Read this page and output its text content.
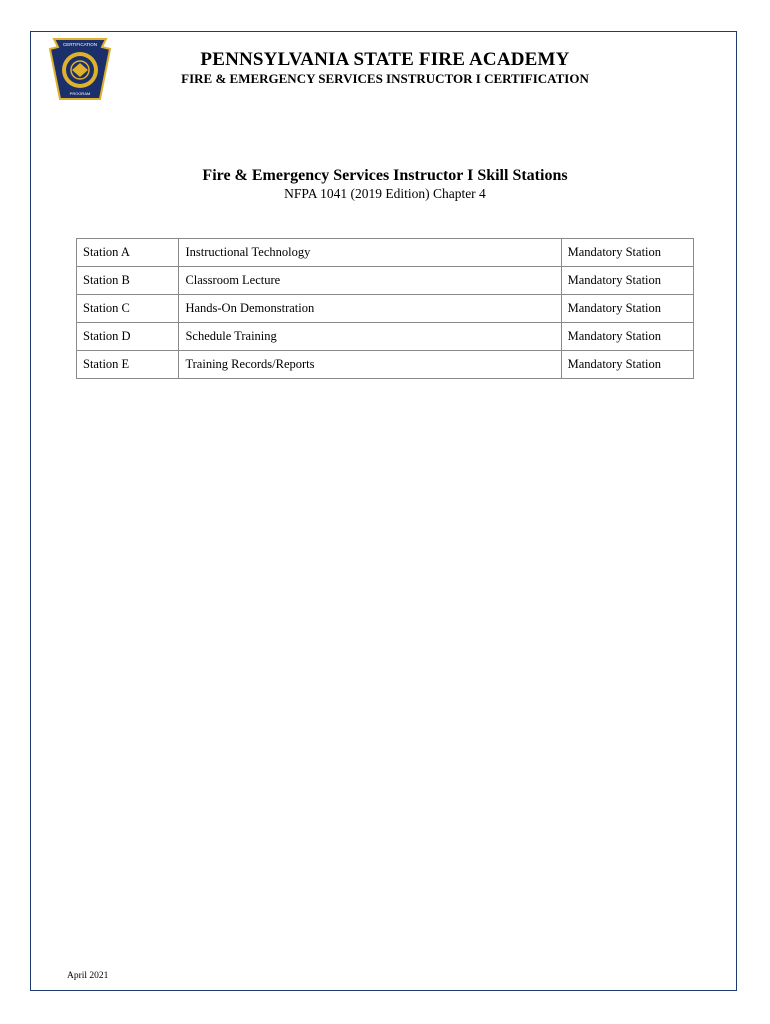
CERTIFICATION
PROGRAM
PENNSYLVANIA STATE FIRE ACADEMY
FIRE & EMERGENCY SERVICES INSTRUCTOR I CERTIFICATION
Fire & Emergency Services Instructor I Skill Stations
NFPA 1041 (2019 Edition) Chapter 4
Station A	Instructional Technology	Mandatory Station
Station B	Classroom Lecture	Mandatory Station
Station C	Hands-On Demonstration	Mandatory Station
Station D	Schedule Training	Mandatory Station
Station E	Training Records/Reports	Mandatory Station
April 2021
